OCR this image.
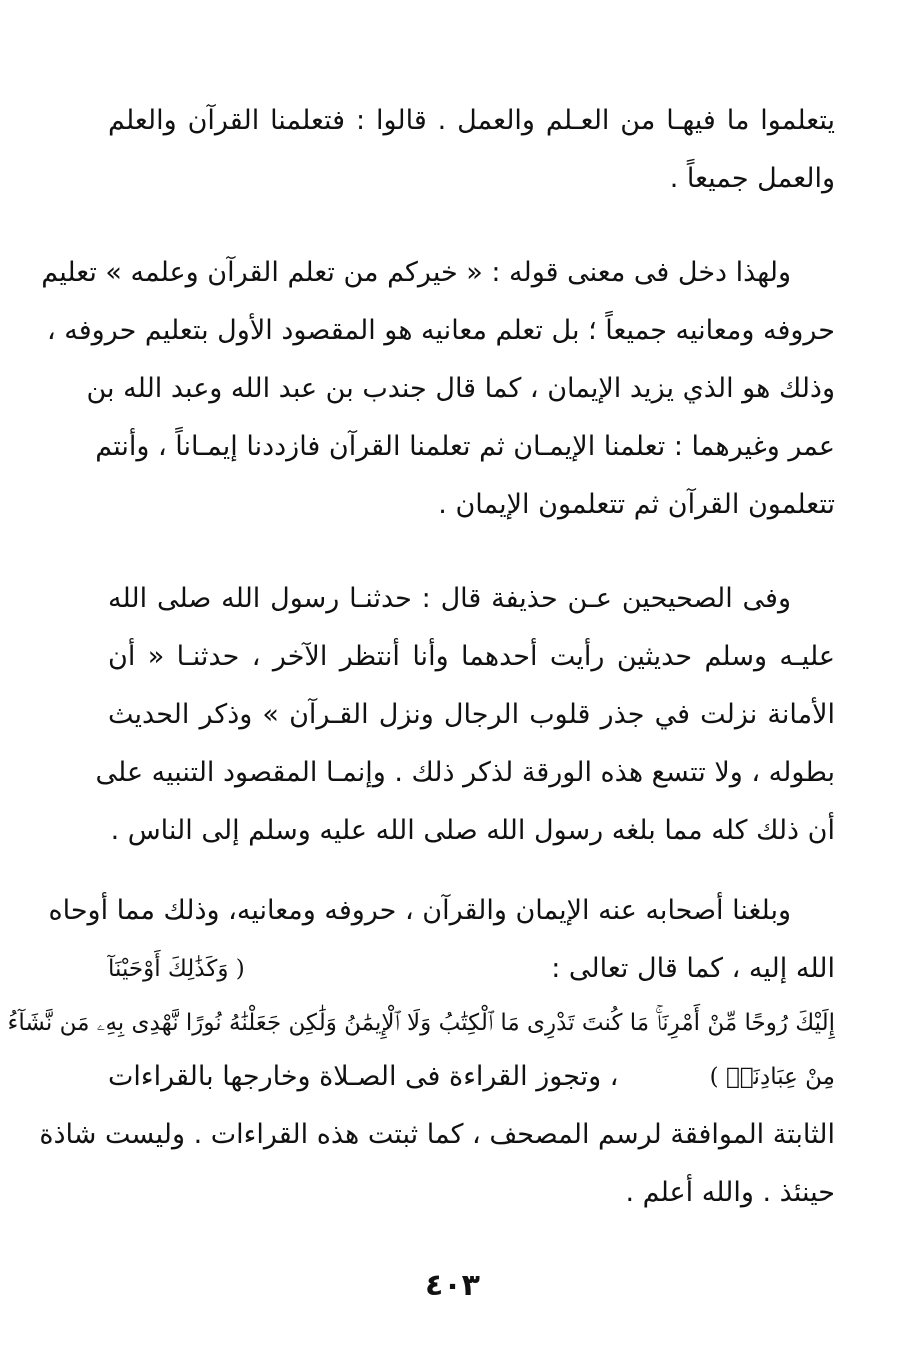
يتعلموا ما فيهـا من العـلم والعمل . قالوا : فتعلمنا القرآن والعلم
والعمل جميعاً .
ولهذا دخل فى معنى قوله : « خيركم من تعلم القرآن وعلمه » تعليم
حروفه ومعانيه جميعاً ؛ بل تعلم معانيه هو المقصود الأول بتعليم حروفه ،
وذلك هو الذي يزيد الإيمان ، كما قال جندب بن عبد الله وعبد الله بن
عمر وغيرهما : تعلمنا الإيمـان ثم تعلمنا القرآن فازددنا إيمـاناً ، وأنتم
تتعلمون القرآن ثم تتعلمون الإيمان .
وفى الصحيحين عـن حذيفة قال : حدثنـا رسول الله صلى الله
عليـه وسلم حديثين رأيت أحدهما وأنا أنتظر الآخر ، حدثنـا « أن
الأمانة نزلت في جذر قلوب الرجال ونزل القـرآن » وذكر الحديث
بطوله ، ولا تتسع هذه الورقة لذكر ذلك . وإنمـا المقصود التنبيه على
أن ذلك كله مما بلغه رسول الله صلى الله عليه وسلم إلى الناس .
وبلغنا أصحابه عنه الإيمان والقرآن ، حروفه ومعانيه، وذلك مما أوحاه
الله إليه ، كما قال تعالى :
( وَكَذَٰلِكَ أَوْحَيْنَآ
إِلَيْكَ رُوحًا مِّنْ أَمْرِنَاۚ مَا كُنتَ تَدْرِى مَا ٱلْكِتَٰبُ وَلَا ٱلْإِيمَٰنُ وَلَٰكِن جَعَلْنَٰهُ نُورًا نَّهْدِى بِهِۦ مَن نَّشَآءُ
مِنْ عِبَادِنَاۚ )
، وتجوز القراءة فى الصـلاة وخارجها بالقراءات
الثابتة الموافقة لرسم المصحف ، كما ثبتت هذه القراءات . وليست شاذة
حينئذ . والله أعلم .
٤٠٣
